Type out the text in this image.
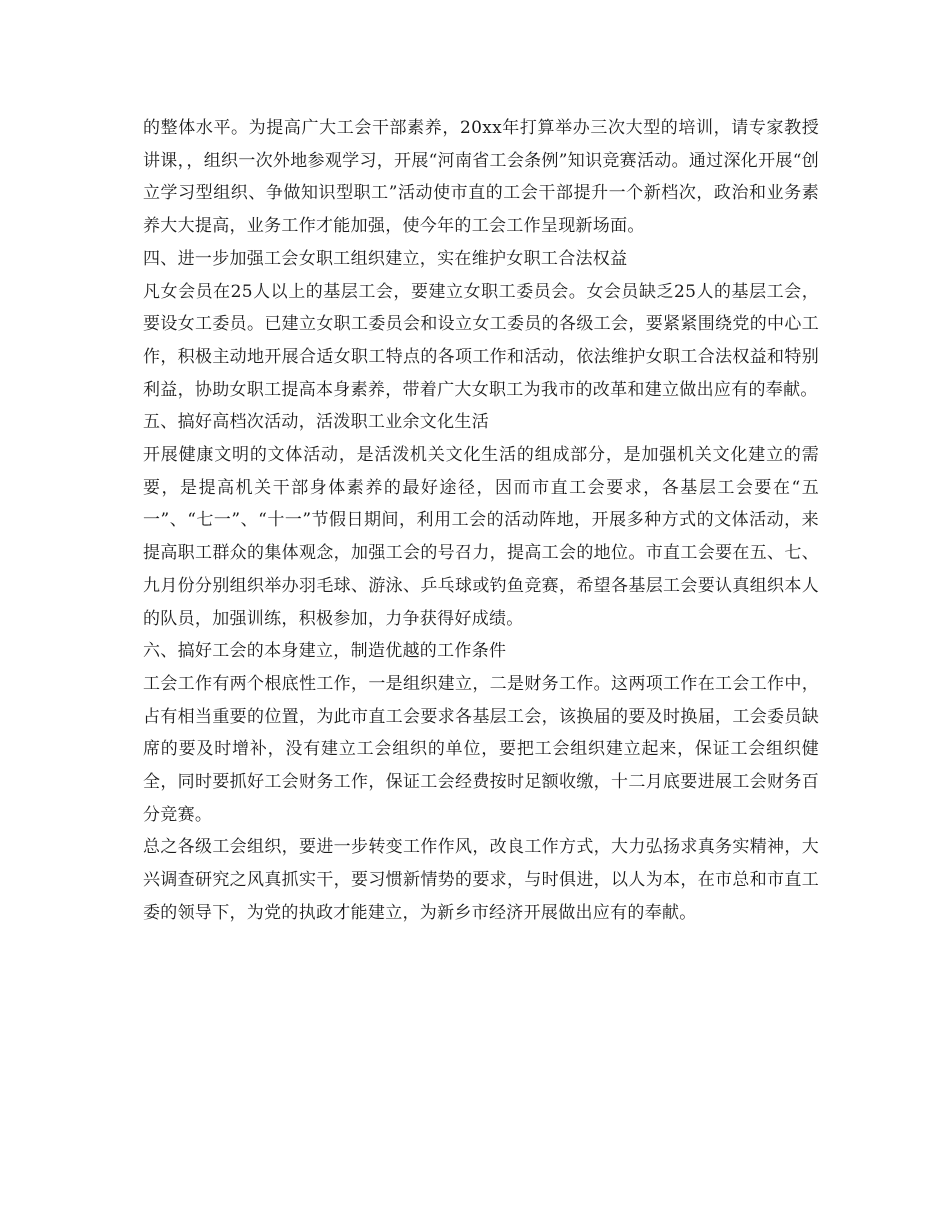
的整体水平。为提高广大工会干部素养，20xx年打算举办三次大型的培训，请专家教授讲课，，组织一次外地参观学习，开展“河南省工会条例”知识竞赛活动。通过深化开展“创立学习型组织、争做知识型职工”活动使市直的工会干部提升一个新档次，政治和业务素养大大提高，业务工作才能加强，使今年的工会工作呈现新场面。

四、进一步加强工会女职工组织建立，实在维护女职工合法权益

凡女会员在25人以上的基层工会，要建立女职工委员会。女会员缺乏25人的基层工会，要设女工委员。已建立女职工委员会和设立女工委员的各级工会，要紧紧围绕党的中心工作，积极主动地开展合适女职工特点的各项工作和活动，依法维护女职工合法权益和特别利益，协助女职工提高本身素养，带着广大女职工为我市的改革和建立做出应有的奉献。

五、搞好高档次活动，活泼职工业余文化生活

开展健康文明的文体活动，是活泼机关文化生活的组成部分，是加强机关文化建立的需要，是提高机关干部身体素养的最好途径，因而市直工会要求，各基层工会要在“五一”、“七一”、“十一”节假日期间，利用工会的活动阵地，开展多种方式的文体活动，来提高职工群众的集体观念，加强工会的号召力，提高工会的地位。市直工会要在五、七、九月份分别组织举办羽毛球、游泳、乒乓球或钓鱼竞赛，希望各基层工会要认真组织本人的队员，加强训练，积极参加，力争获得好成绩。

六、搞好工会的本身建立，制造优越的工作条件

工会工作有两个根底性工作，一是组织建立，二是财务工作。这两项工作在工会工作中，占有相当重要的位置，为此市直工会要求各基层工会，该换届的要及时换届，工会委员缺席的要及时增补，没有建立工会组织的单位，要把工会组织建立起来，保证工会组织健全，同时要抓好工会财务工作，保证工会经费按时足额收缴，十二月底要进展工会财务百分竞赛。

总之各级工会组织，要进一步转变工作作风，改良工作方式，大力弘扬求真务实精神，大兴调查研究之风真抓实干，要习惯新情势的要求，与时俱进，以人为本，在市总和市直工委的领导下，为党的执政才能建立，为新乡市经济开展做出应有的奉献。
